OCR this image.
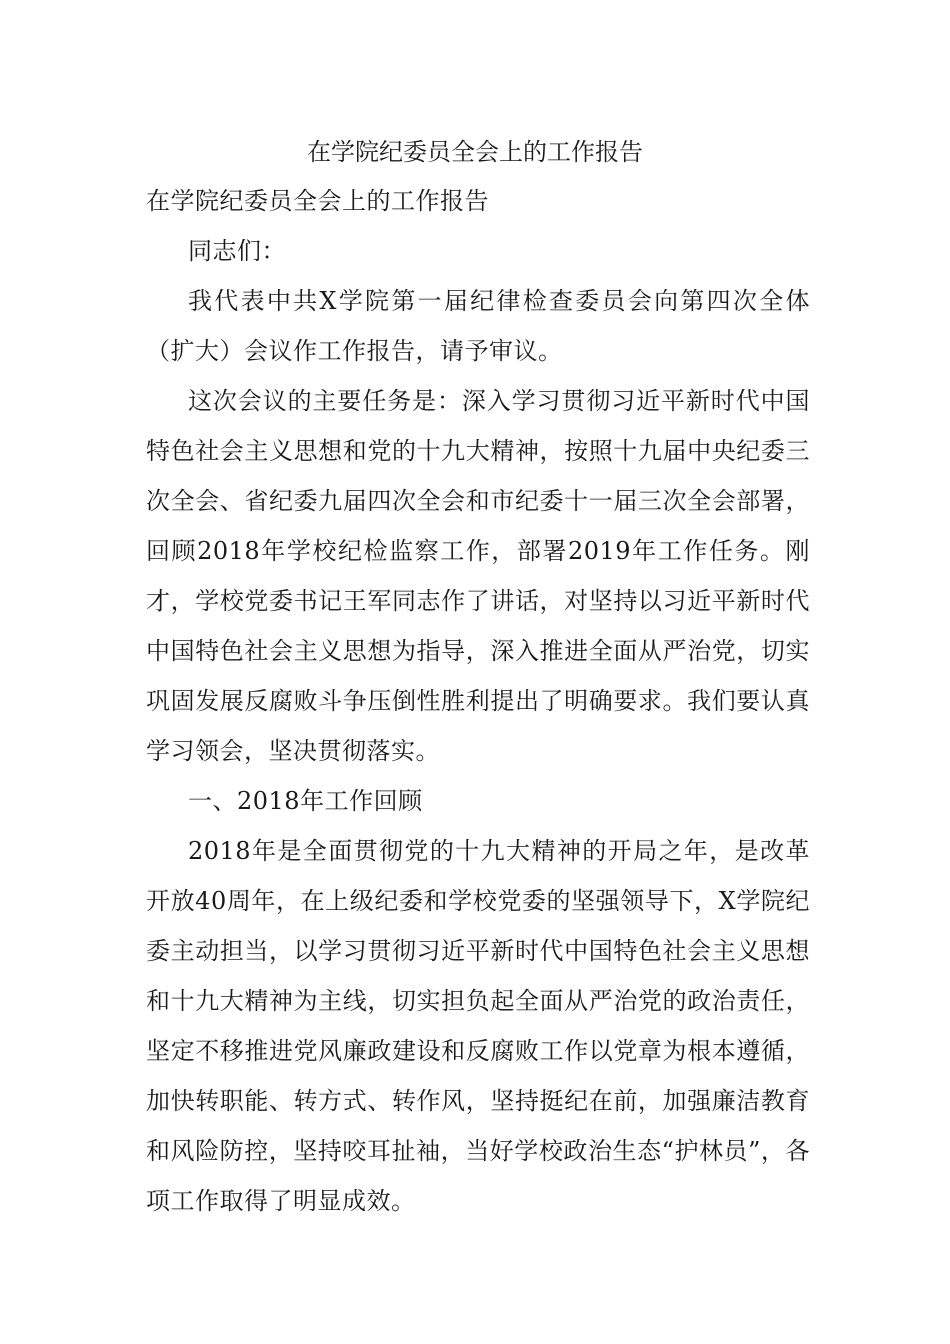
在学院纪委员全会上的工作报告

在学院纪委员全会上的工作报告

同志们：

我代表中共X学院第一届纪律检查委员会向第四次全体（扩大）会议作工作报告，请予审议。

这次会议的主要任务是：深入学习贯彻习近平新时代中国特色社会主义思想和党的十九大精神，按照十九届中央纪委三次全会、省纪委九届四次全会和市纪委十一届三次全会部署，回顾2018年学校纪检监察工作，部署2019年工作任务。刚才，学校党委书记王军同志作了讲话，对坚持以习近平新时代中国特色社会主义思想为指导，深入推进全面从严治党，切实巩固发展反腐败斗争压倒性胜利提出了明确要求。我们要认真学习领会，坚决贯彻落实。

一、2018年工作回顾

2018年是全面贯彻党的十九大精神的开局之年，是改革开放40周年，在上级纪委和学校党委的坚强领导下，X学院纪委主动担当，以学习贯彻习近平新时代中国特色社会主义思想和十九大精神为主线，切实担负起全面从严治党的政治责任，坚定不移推进党风廉政建设和反腐败工作以党章为根本遵循，加快转职能、转方式、转作风，坚持挺纪在前，加强廉洁教育和风险防控，坚持咬耳扯袖，当好学校政治生态“护林员”，各项工作取得了明显成效。
